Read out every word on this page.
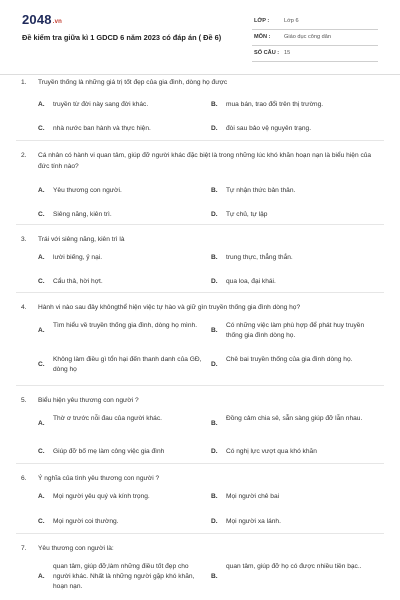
2048.vn
Đề kiểm tra giữa kì 1 GDCD 6 năm 2023 có đáp án ( Đề 6)
LỚP :	Lớp 6
MÔN : Giáo dục công dân
SỐ CÂU : 15
1. Truyền thống là những giá trị tốt đẹp của gia đình, dòng họ được
A. truyền từ đời này sang đời khác.	B. mua bán, trao đổi trên thị trường.
C. nhà nước ban hành và thực hiện.	D. đòi sau bảo vệ nguyên trạng.
2. Cá nhân có hành vi quan tâm, giúp đỡ người khác đặc biệt là trong những lúc khó khăn hoạn nạn là biểu hiện của đức tính nào?
A. Yêu thương con người.	B. Tự nhận thức bản thân.
C. Siêng năng, kiên trì.	D. Tự chủ, tự lập
3. Trái với siêng năng, kiên trì là
A. lười biếng, ỷ nại.	B. trung thực, thẳng thắn.
C. Cẩu thả, hời hợt.	D. qua loa, đại khái.
4. Hành vi nào sau đây khôngthể hiện việc tự hào và giữ gìn truyền thống gia đình dòng họ?
A.
Tìm hiểu về truyền thống gia đình, dòng họ mình.
B.
Có những việc làm phù hợp để phát huy truyền thống gia đình dòng họ.
C.
Không làm điều gì tổn hại đến thanh danh của GĐ, dòng họ
D.
Chê bai truyền thống của gia đình dòng họ.
5. Biểu hiện yêu thương con người ?
A.
Thờ ơ trước nỗi đau của người khác.
B.
Đồng cảm chia sẻ, sẵn sàng giúp đỡ lẫn nhau.
C. Giúp đỡ bố mẹ làm công việc gia đình	D. Có nghị lực vượt qua khó khăn
6. Ý nghĩa của tình yêu thương con người ?
A. Mọi người yêu quý và kính trọng.	B. Mọi người chê bai
C. Mọi người coi thường.	D. Mọi người xa lánh.
7. Yêu thương con người là:
A.
quan tâm, giúp đỡ,làm những điều tốt đẹp cho người khác. Nhất là những người gặp khó khăn, hoạn nạn.
B.
quan tâm, giúp đỡ họ có được nhiều tiền bạc..
